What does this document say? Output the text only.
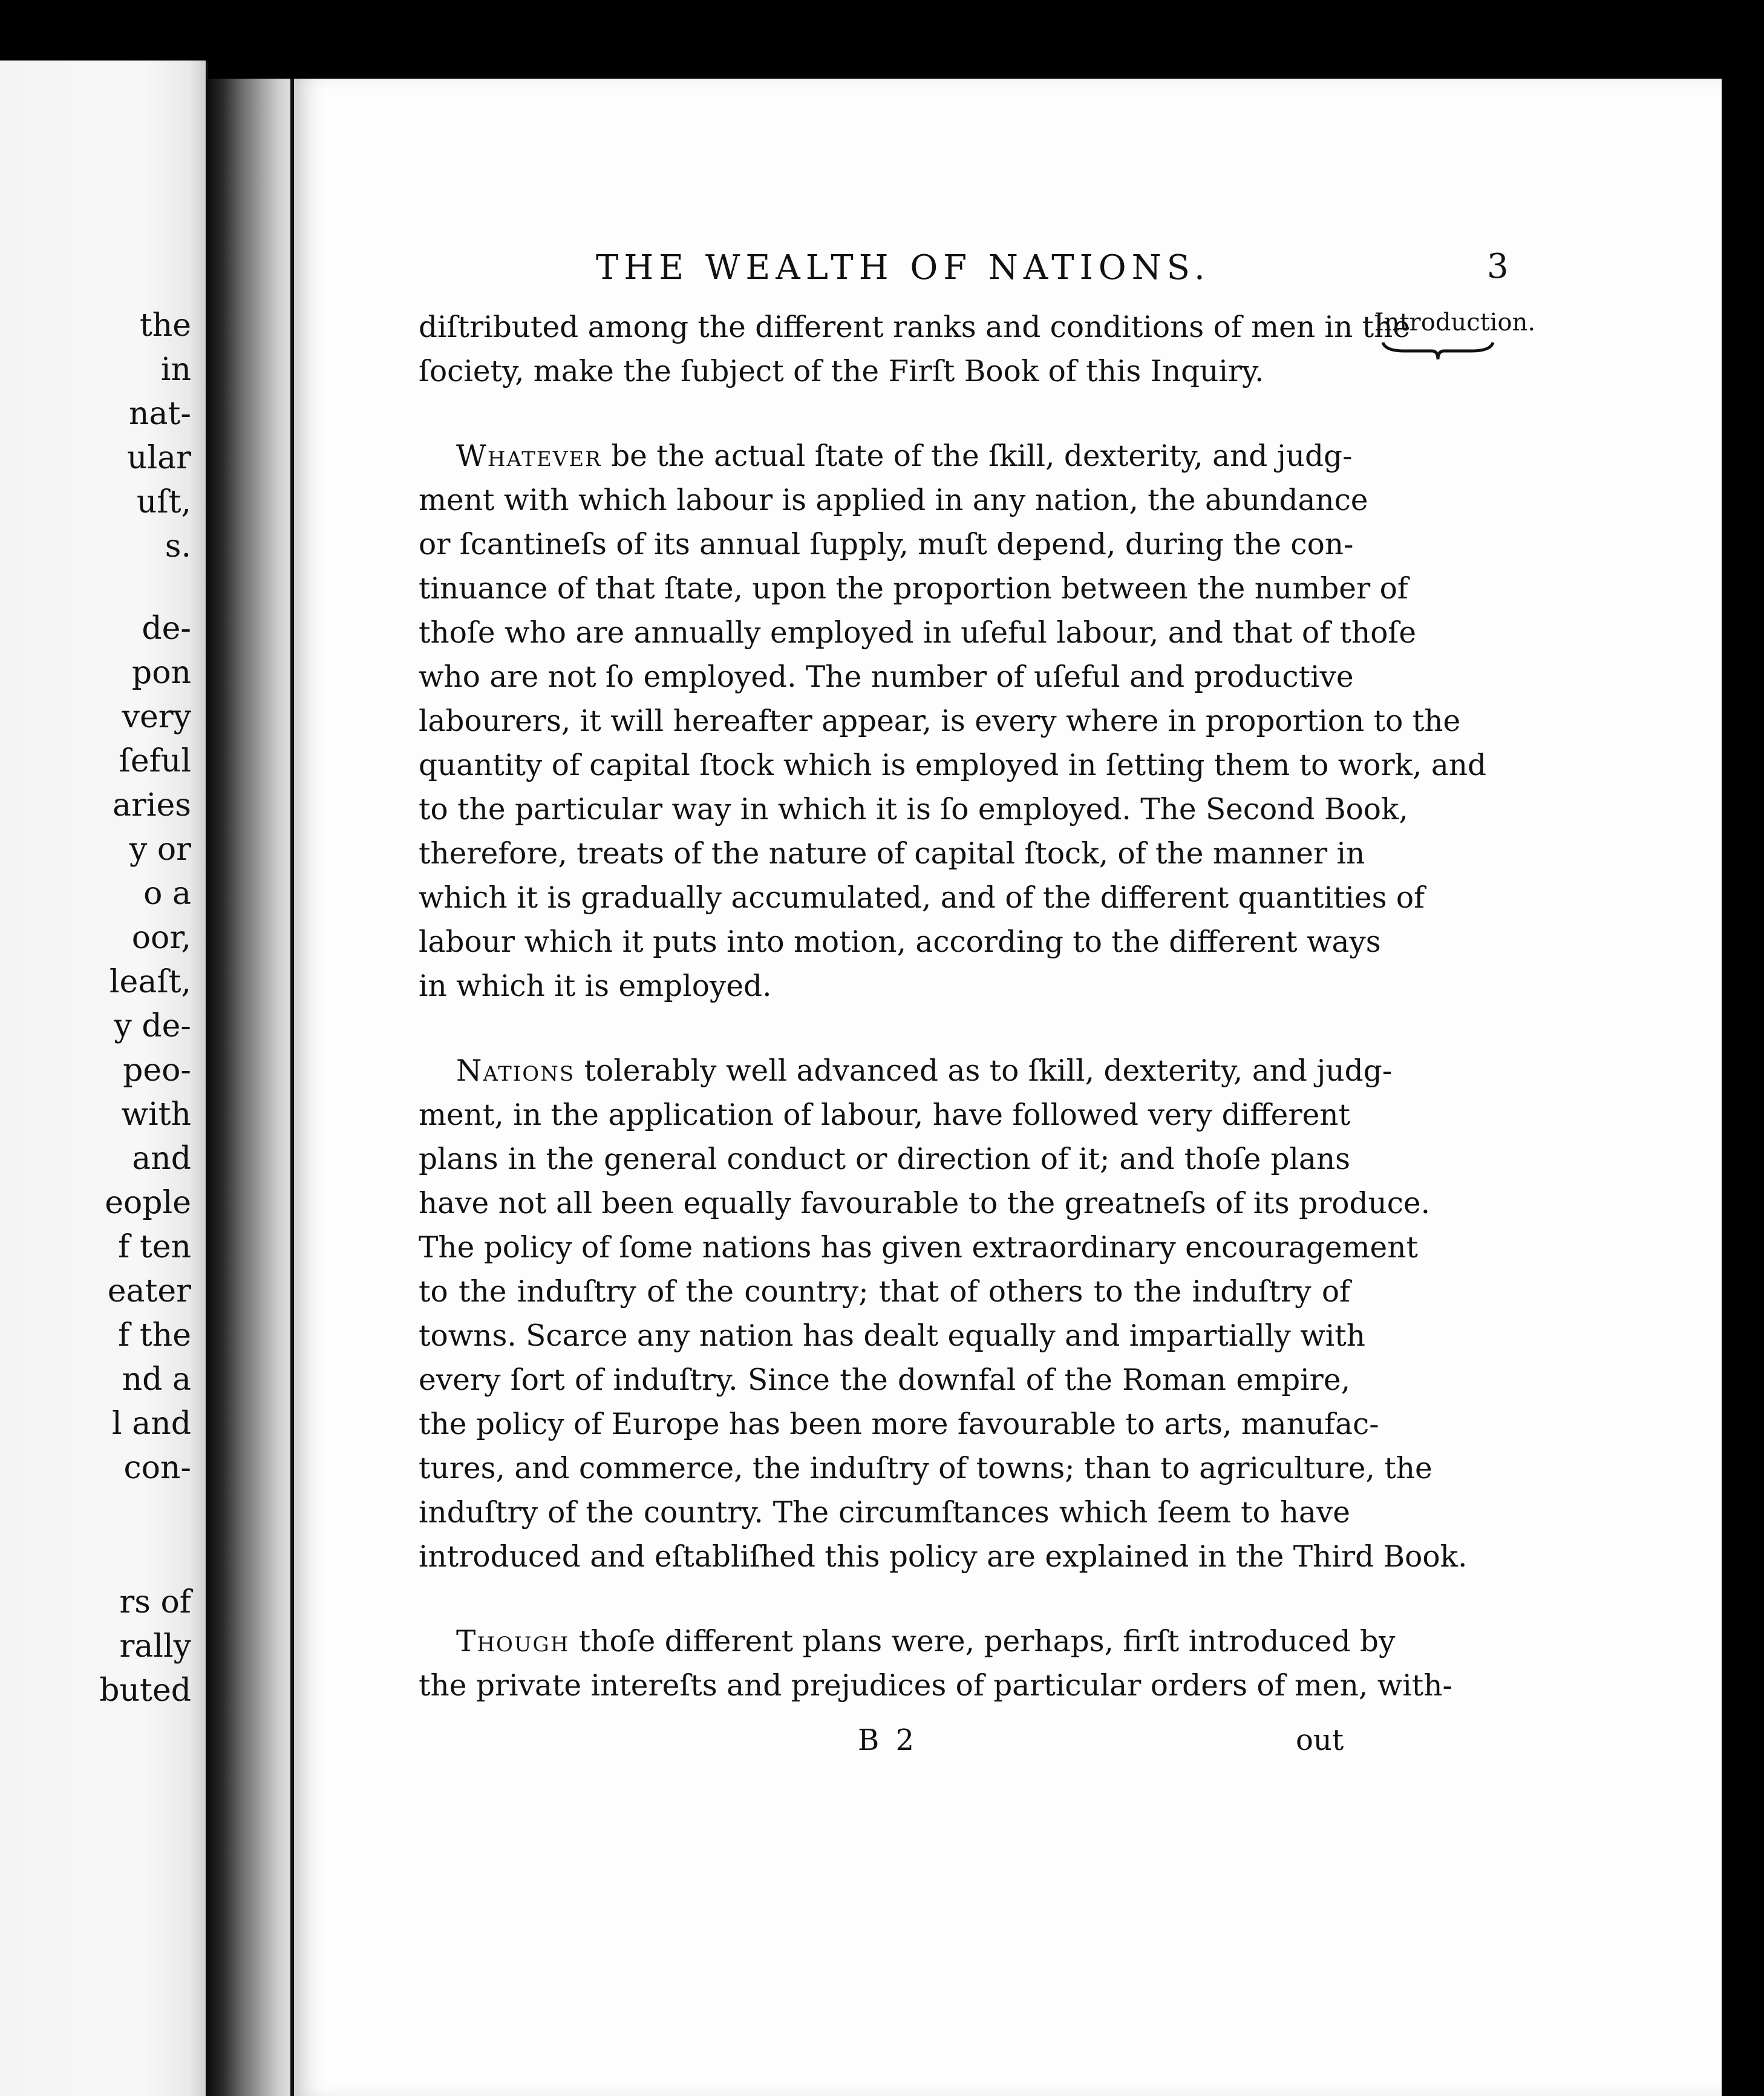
the
in
nat-
ular
uſt,
s.
de-
pon
very
ſeful
aries
y or
o a
oor,
leaſt,
y de-
peo-
with
and
eople
f ten
eater
f the
nd a
l and
con-
rs of
rally
buted
THE WEALTH OF NATIONS.	3
Introduction.
diſtributed among the different ranks and conditions of men in the
ſociety, make the ſubject of the Firſt Book of this Inquiry.
Whatever be the actual ſtate of the ſkill, dexterity, and judg-
ment with which labour is applied in any nation, the abundance
or ſcantineſs of its annual ſupply, muſt depend, during the con-
tinuance of that ſtate, upon the proportion between the number of
thoſe who are annually employed in uſeful labour, and that of thoſe
who are not ſo employed. The number of uſeful and productive
labourers, it will hereafter appear, is every where in proportion to the
quantity of capital ſtock which is employed in ſetting them to work, and
to the particular way in which it is ſo employed. The Second Book,
therefore, treats of the nature of capital ſtock, of the manner in
which it is gradually accumulated, and of the different quantities of
labour which it puts into motion, according to the different ways
in which it is employed.
Nations tolerably well advanced as to ſkill, dexterity, and judg-
ment, in the application of labour, have followed very different
plans in the general conduct or direction of it; and thoſe plans
have not all been equally favourable to the greatneſs of its produce.
The policy of ſome nations has given extraordinary encouragement
to the induſtry of the country; that of others to the induſtry of
towns. Scarce any nation has dealt equally and impartially with
every ſort of induſtry. Since the downfal of the Roman empire,
the policy of Europe has been more favourable to arts, manufac-
tures, and commerce, the induſtry of towns; than to agriculture, the
induſtry of the country. The circumſtances which ſeem to have
introduced and eſtabliſhed this policy are explained in the Third Book.
Though thoſe different plans were, perhaps, firſt introduced by
the private intereſts and prejudices of particular orders of men, with-
B 2	out
